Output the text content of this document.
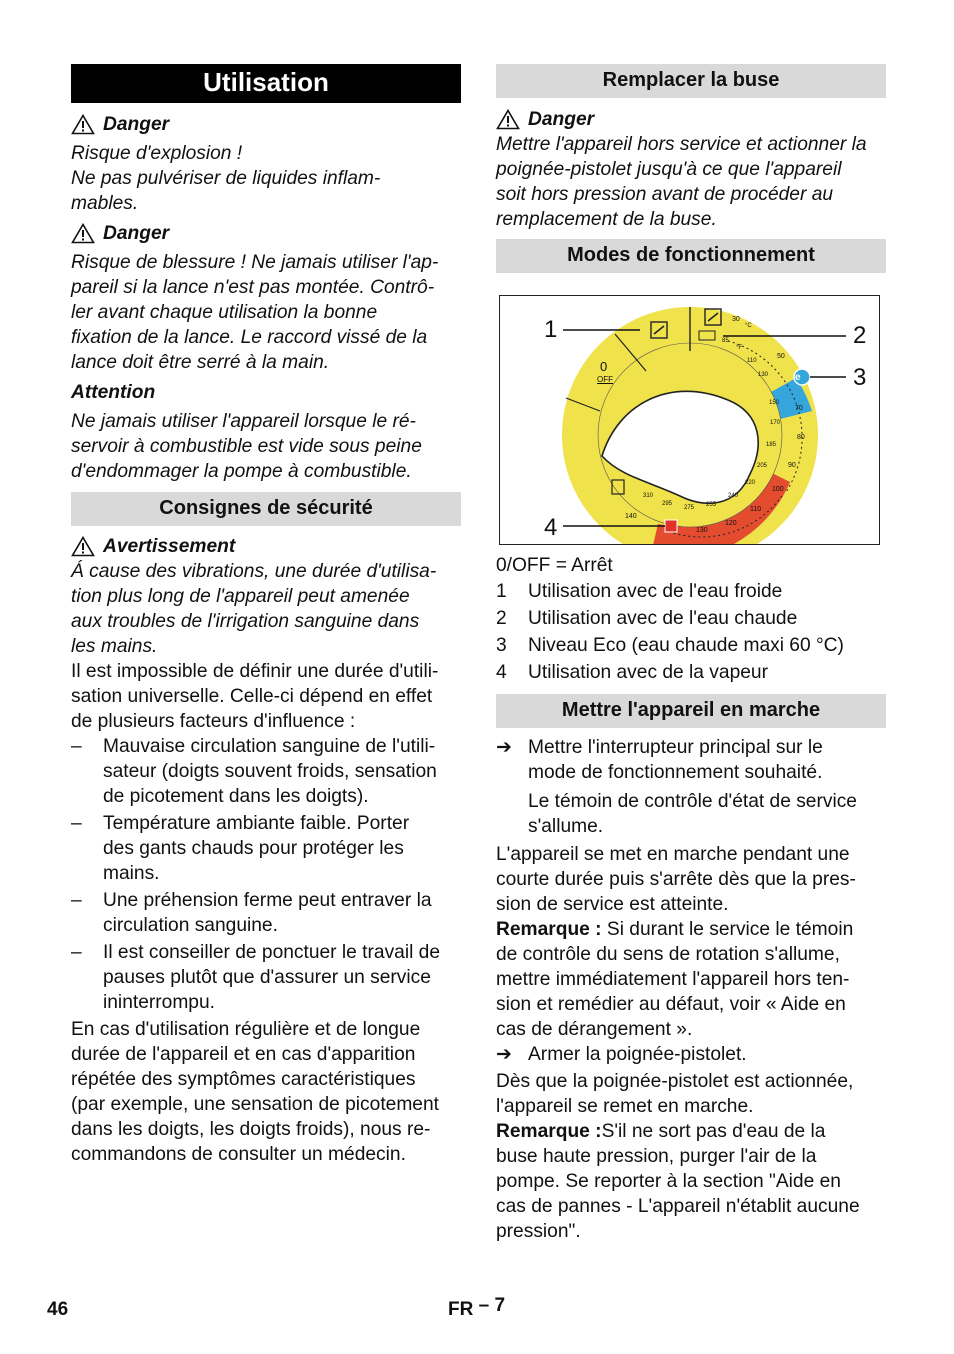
Utilisation
Danger

Risque d'explosion !

Ne pas pulvériser de liquides inflam-

mables.

Danger

Risque de blessure ! Ne jamais utiliser l'ap-

pareil si la lance n'est pas montée. Contrô-

ler avant chaque utilisation la bonne

fixation de la lance. Le raccord vissé de la

lance doit être serré à la main.

Attention

Ne jamais utiliser l'appareil lorsque le ré-

servoir à combustible est vide sous peine

d'endommager la pompe à combustible.

Consignes de sécurité
Avertissement

Á cause des vibrations, une durée d'utilisa-

tion plus long de l'appareil peut amenée

aux troubles de l'irrigation sanguine dans

les mains.

Il est impossible de définir une durée d'utili-

sation universelle. Celle-ci dépend en effet

de plusieurs facteurs d'influence :

–	Mauvaise circulation sanguine de l'utili-

sateur (doigts souvent froids, sensation

de picotement dans les doigts).

–	Température ambiante faible. Porter

des gants chauds pour protéger les

mains.

–	Une préhension ferme peut entraver la

circulation sanguine.

–	Il est conseiller de ponctuer le travail de

pauses plutôt que d'assurer un service

ininterrompu.

En cas d'utilisation régulière et de longue

durée de l'appareil et en cas d'apparition

répétée des symptômes caractéristiques

(par exemple, une sensation de picotement

dans les doigts, les doigts froids), nous re-

commandons de consulter un médecin.

Remplacer la buse
Danger

Mettre l'appareil hors service et actionner la

poignée-pistolet jusqu'à ce que l'appareil

soit hors pression avant de procéder au

remplacement de la buse.

Modes de fonctionnement
1	2
3
4
0
OFF	e
30
°C
50
70
80
90
100
110
120
130
140
85
°F
110
130
150
170
185
205
220
240
255
275
295
310

0/OFF = Arrêt

1	Utilisation avec de l'eau froide
2	Utilisation avec de l'eau chaude
3	Niveau Eco (eau chaude maxi 60 °C)
4	Utilisation avec de la vapeur
Mettre l'appareil en marche
➔ Mettre l'interrupteur principal sur le

mode de fonctionnement souhaité.

Le témoin de contrôle d'état de service

s'allume.

L'appareil se met en marche pendant une

courte durée puis s'arrête dès que la pres-

sion de service est atteinte.

Remarque : Si durant le service le témoin

de contrôle du sens de rotation s'allume,

mettre immédiatement l'appareil hors ten-

sion et remédier au défaut, voir « Aide en

cas de dérangement ».

➔ Armer la poignée-pistolet.

Dès que la poignée-pistolet est actionnée,

l'appareil se remet en marche.

Remarque :S'il ne sort pas d'eau de la

buse haute pression, purger l'air de la

pompe. Se reporter à la section "Aide en

cas de pannes - L'appareil n'établit aucune

pression".

46	FR – 7
